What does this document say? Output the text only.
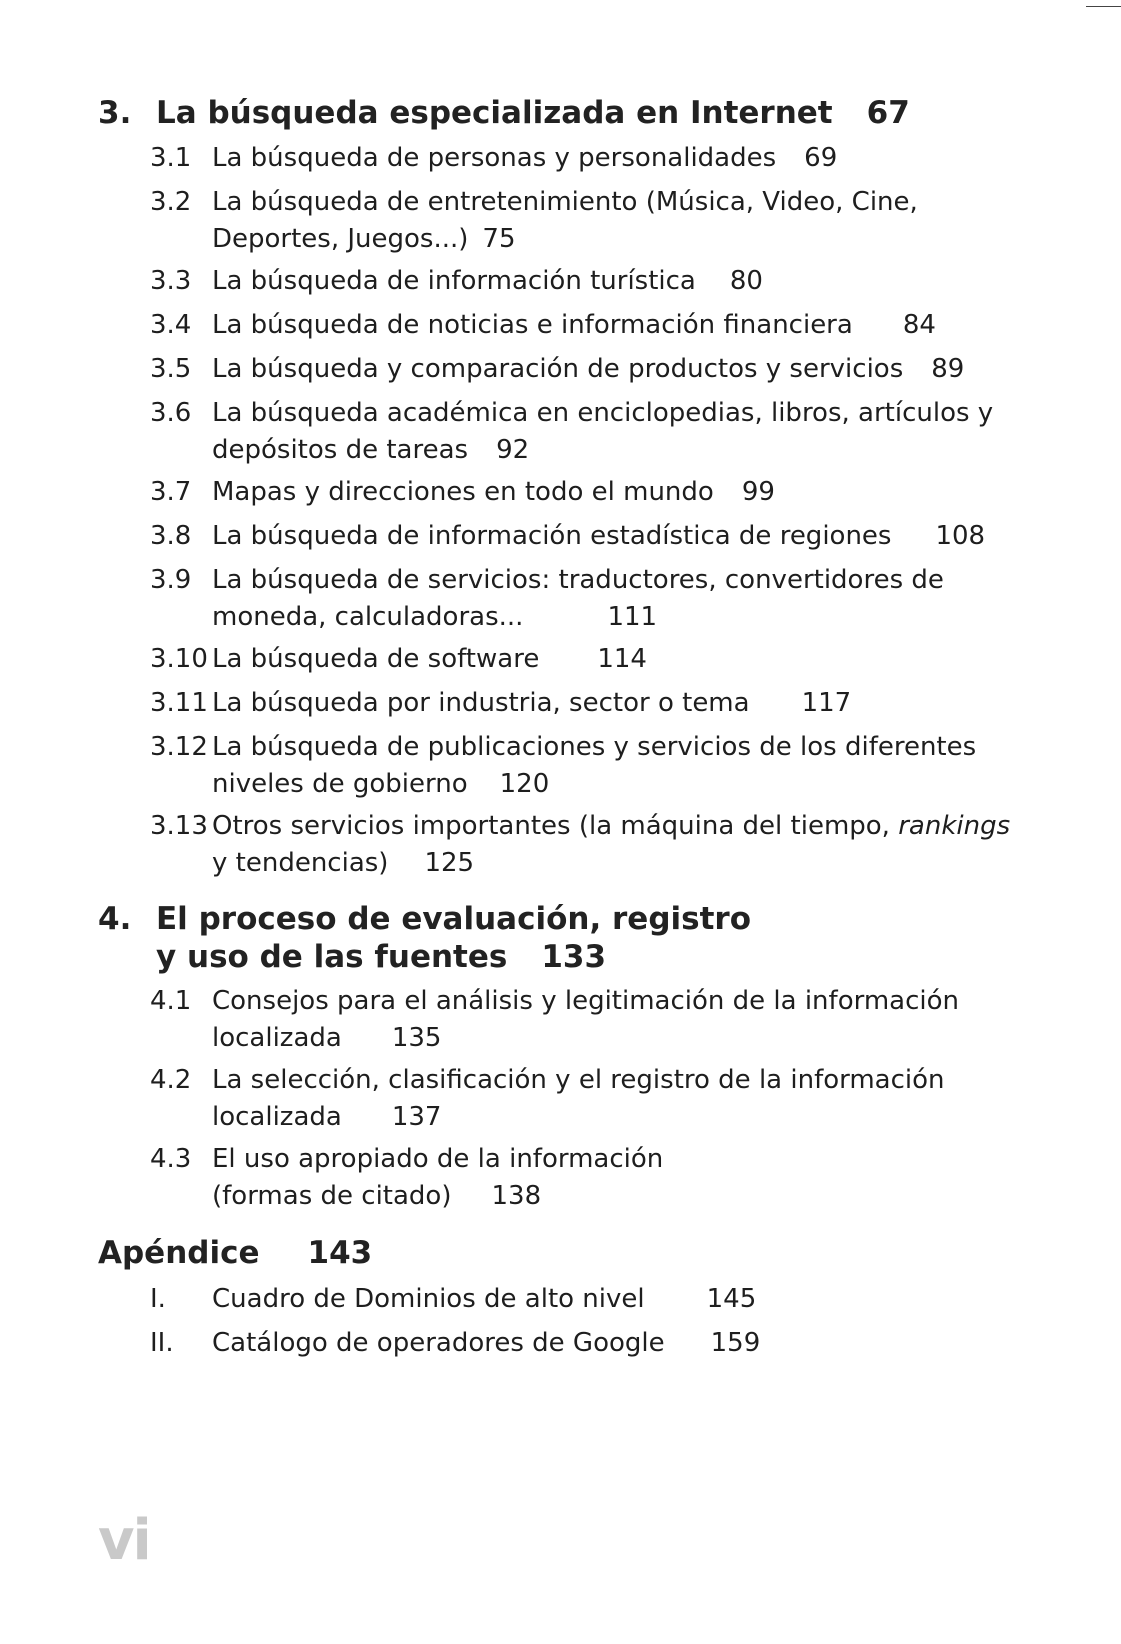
3. La búsqueda especializada en Internet 67
3.1 La búsqueda de personas y personalidades 69
3.2 La búsqueda de entretenimiento (Música, Video, Cine,
Deportes, Juegos...) 75
3.3 La búsqueda de información turística 80
3.4 La búsqueda de noticias e información financiera 84
3.5 La búsqueda y comparación de productos y servicios 89
3.6 La búsqueda académica en enciclopedias, libros, artículos y
depósitos de tareas 92
3.7 Mapas y direcciones en todo el mundo 99
3.8 La búsqueda de información estadística de regiones 108
3.9 La búsqueda de servicios: traductores, convertidores de
moneda, calculadoras...	111
3.10 La búsqueda de software 114
3.11 La búsqueda por industria, sector o tema 117
3.12 La búsqueda de publicaciones y servicios de los diferentes
niveles de gobierno 120
3.13 Otros servicios importantes (la máquina del tiempo, rankings
y tendencias) 125
4. El proceso de evaluación, registro
y uso de las fuentes 133
4.1 Consejos para el análisis y legitimación de la información
localizada 135
4.2 La selección, clasificación y el registro de la información
localizada 137
4.3 El uso apropiado de la información
(formas de citado) 138
Apéndice 143
I.	Cuadro de Dominios de alto nivel 145
II.	Catálogo de operadores de Google 159
vi
